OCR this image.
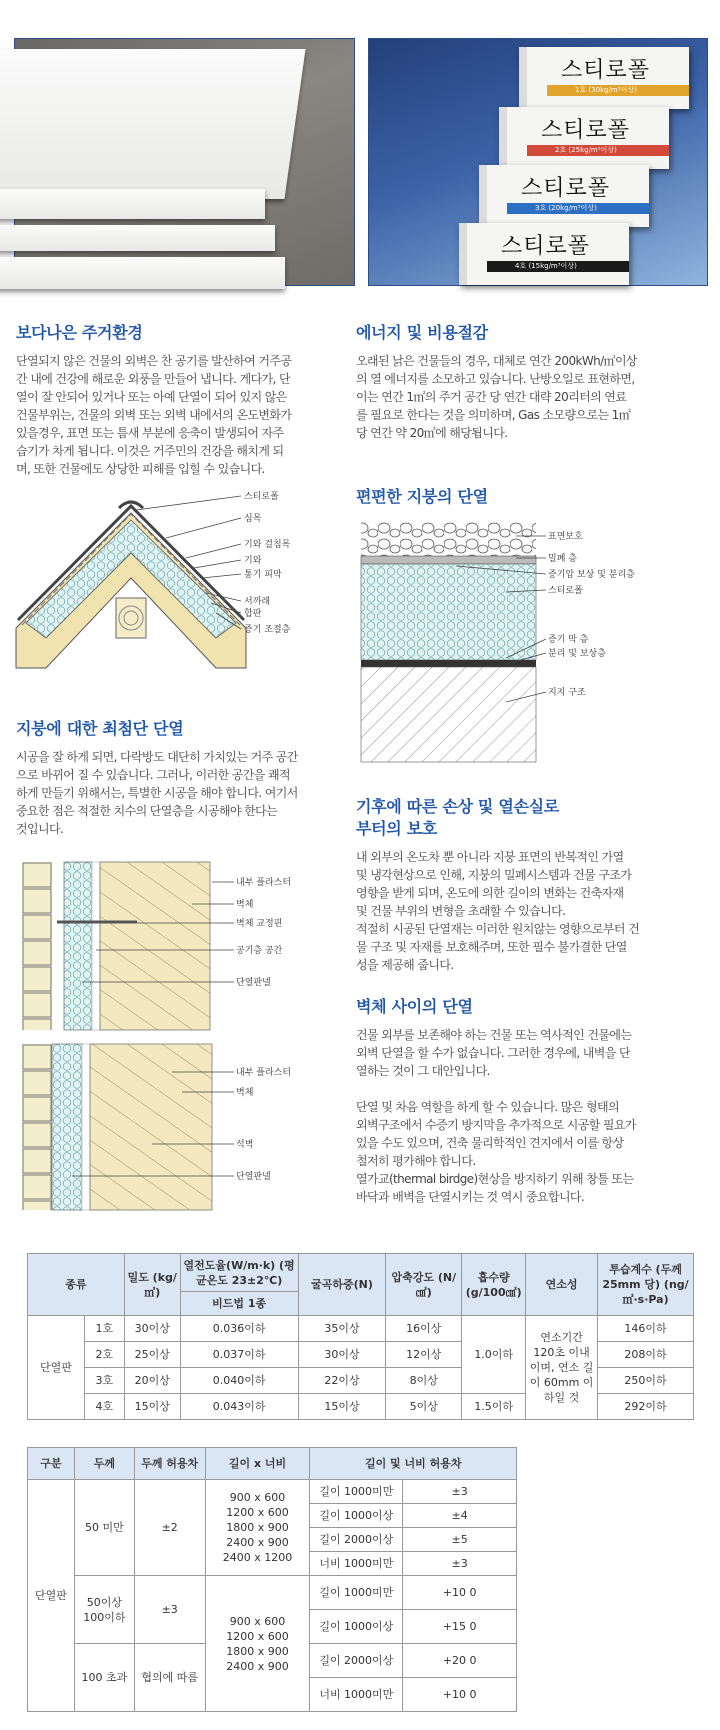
스티로폴
1호 (30kg/m³이상)
스티로폴
2호 (25kg/m³이상)
스티로폴
3호 (20kg/m³이상)
스티로폴
4호 (15kg/m³이상)
보다나은 주거환경

단열되지 않은 건물의 외벽은 찬 공기를 발산하여 거주공

간 내에 건강에 해로운 외풍을 만들어 냅니다. 게다가, 단

열이 잘 안되어 있거나 또는 아예 단열이 되어 있지 않은

건물부위는, 건물의 외벽 또는 외벽 내에서의 온도변화가

있을경우, 표면 또는 틈새 부분에 응축이 발생되어 자주

습기가 차게 됩니다. 이것은 거주민의 건강을 해치게 되

며, 또한 건물에도 상당한 피해를 입힐 수 있습니다.

에너지 및 비용절감

오래된 낡은 건물들의 경우, 대체로 연간 200kWh/㎡이상

의 열 에너지를 소모하고 있습니다. 난방오일로 표현하면,

이는 연간 1㎡의 주거 공간 당 연간 대략 20리터의 연료

를 필요로 한다는 것을 의미하며, Gas 소모량으로는 1㎡

당 연간 약 20㎥에 해당됩니다.

스티로폴
심목
기와 걸침목
기와
통기 피막
서까래
합판
증기 조절층
편편한 지붕의 단열
표면보호
밀폐 층
증기압 보상 및 분리층
스티로폴
증기 막 층
분리 및 보상층
지지 구조
지붕에 대한 최첨단 단열

시공을 잘 하게 되면, 다락방도 대단히 가치있는 거주 공간

으로 바뀌어 질 수 있습니다. 그러나, 이러한 공간을 쾌적

하게 만들기 위해서는, 특별한 시공을 해야 합니다. 여기서

중요한 점은 적절한 치수의 단열층을 시공해야 한다는

것입니다.

기후에 따른 손상 및 열손실로
부터의 보호

내 외부의 온도차 뿐 아니라 지붕 표면의 반복적인 가열

및 냉각현상으로 인해, 지붕의 밀폐시스템과 건물 구조가

영향을 받게 되며, 온도에 의한 길이의 변화는 건축자재

및 건물 부위의 변형을 초래할 수 있습니다.

적절히 시공된 단열재는 이러한 원치않는 영향으로부터 건

물 구조 및 자재를 보호해주며, 또한 필수 불가결한 단열

성을 제공해 줍니다.

벽체 사이의 단열

건물 외부를 보존해야 하는 건물 또는 역사적인 건물에는

외벽 단열을 할 수가 없습니다. 그러한 경우에, 내벽을 단

열하는 것이 그 대안입니다.

단열 및 차음 역할을 하게 할 수 있습니다. 많은 형태의

외벽구조에서 수증기 방지막을 추가적으로 시공할 필요가

있을 수도 있으며, 건축 물리학적인 견지에서 이를 항상

철저히 평가해야 합니다.

열가교(thermal birdge)현상을 방지하기 위해 창틀 또는

바닥과 배벽을 단열시키는 것 역시 중요합니다.

내부 플라스터
벽체
벽체 교정핀
공기층 공간
단열판넬
내부 플라스터
벽체
석벽
단열판넬
종류		밀도 (kg/㎥)	열전도율(W/m·k) (평균온도 23±2℃)	굴곡하중(N)	압축강도 (N/㎠)	흡수량 (g/100㎠)	연소성	투습계수 (두께 25mm 당) (ng/㎡·s·Pa)
			비드법 1종					
단열판	1호	30이상	0.036이하	35이상	16이상	1.0이하	연소기간 120초 이내이며, 연소 길이 60mm 이하일 것	146이하
	2호	25이상	0.037이하	30이상	12이상			208이하
	3호	20이상	0.040이하	22이상	8이상			250이하
	4호	15이상	0.043이하	15이상	5이상	1.5이하		292이하
구분	두께	두께 허용차	길이 x 너비	길이 및 너비 허용차	
단열판	50 미만	±2	900 x 600
1200 x 600
1800 x 900
2400 x 900
2400 x 1200	길이 1000미만	±3
				길이 1000이상	±4
				길이 2000이상	±5
				너비 1000미만	±3
	50이상 100이하	±3	900 x 600
1200 x 600
1800 x 900
2400 x 900	길이 1000미만	+10 0
				길이 1000이상	+15 0
	100 초과	협의에 따름		길이 2000이상	+20 0
				너비 1000미만	+10 0
